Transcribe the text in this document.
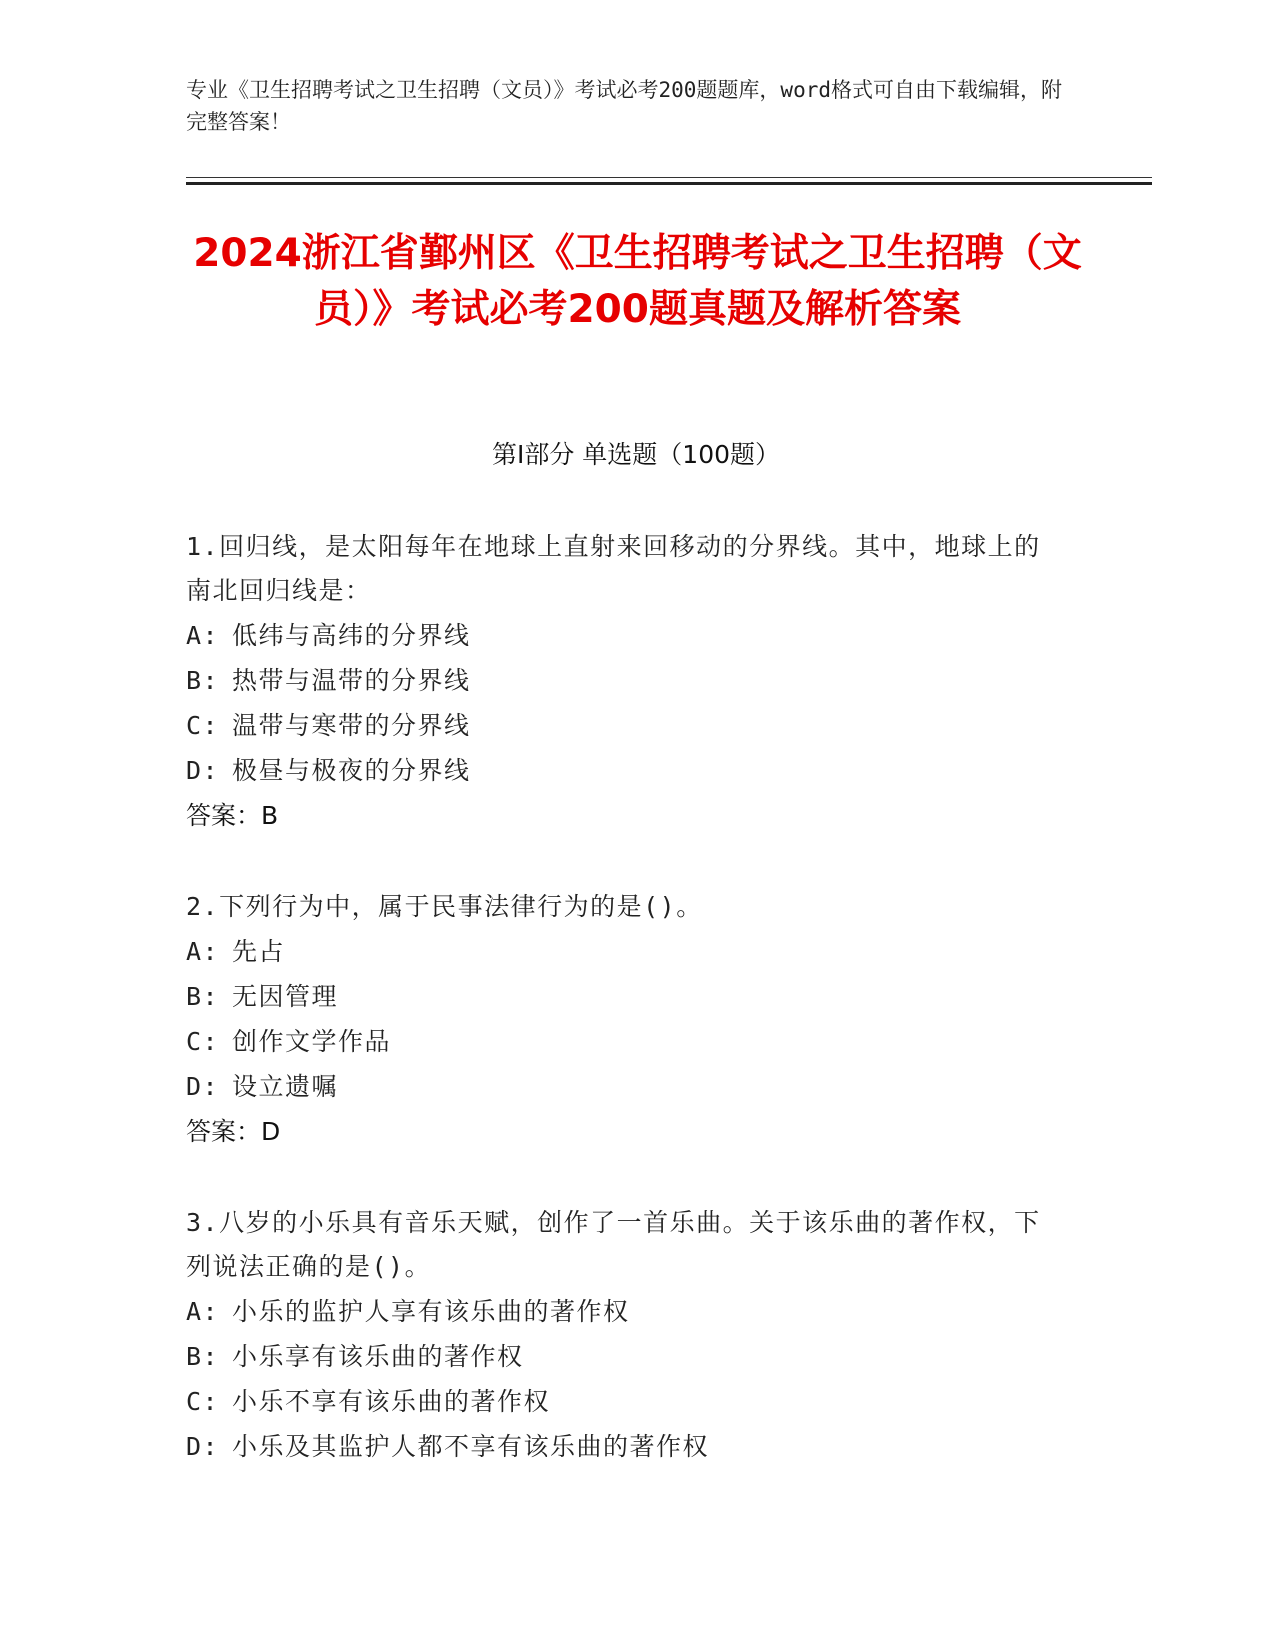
专业《卫生招聘考试之卫生招聘（文员）》考试必考200题题库，word格式可自由下载编辑，附完整答案！
2024浙江省鄞州区《卫生招聘考试之卫生招聘（文员）》考试必考200题真题及解析答案
第I部分 单选题（100题）
1.回归线，是太阳每年在地球上直射来回移动的分界线。其中，地球上的南北回归线是：
A: 低纬与高纬的分界线
B: 热带与温带的分界线
C: 温带与寒带的分界线
D: 极昼与极夜的分界线
答案：B
2.下列行为中，属于民事法律行为的是()。
A: 先占
B: 无因管理
C: 创作文学作品
D: 设立遗嘱
答案：D
3.八岁的小乐具有音乐天赋，创作了一首乐曲。关于该乐曲的著作权，下列说法正确的是()。
A: 小乐的监护人享有该乐曲的著作权
B: 小乐享有该乐曲的著作权
C: 小乐不享有该乐曲的著作权
D: 小乐及其监护人都不享有该乐曲的著作权
